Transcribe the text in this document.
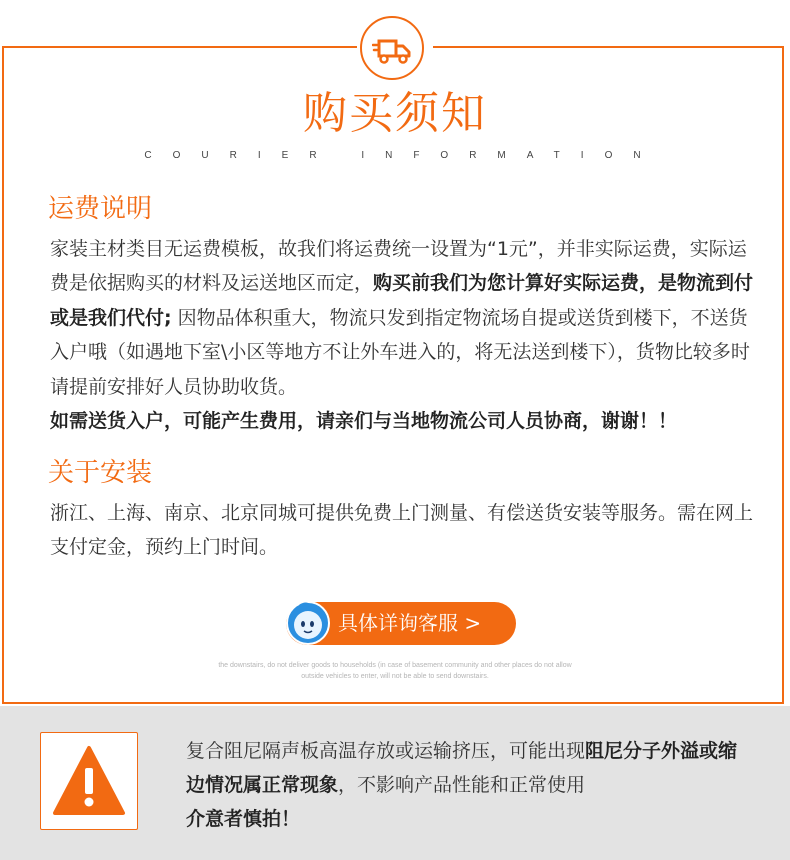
购买须知
COURIER INFORMATION
运费说明
家装主材类目无运费模板，故我们将运费统一设置为“1元”，并非实际运费，实际运费是依据购买的材料及运送地区而定，购买前我们为您计算好实际运费，是物流到付或是我们代付; 因物品体积重大，物流只发到指定物流场自提或送货到楼下，不送货入户哦（如遇地下室\小区等地方不让外车进入的，将无法送到楼下），货物比较多时请提前安排好人员协助收货。
如需送货入户，可能产生费用，请亲们与当地物流公司人员协商，谢谢！！
关于安装
浙江、上海、南京、北京同城可提供免费上门测量、有偿送货安装等服务。需在网上支付定金，预约上门时间。
具体详询客服 >
the downstairs, do not deliver goods to households (in case of basement community and other places do not allow
outside vehicles to enter, will not be able to send downstairs.
复合阻尼隔声板高温存放或运输挤压，可能出现阻尼分子外溢或缩边情况属正常现象，不影响产品性能和正常使用
介意者慎拍！
